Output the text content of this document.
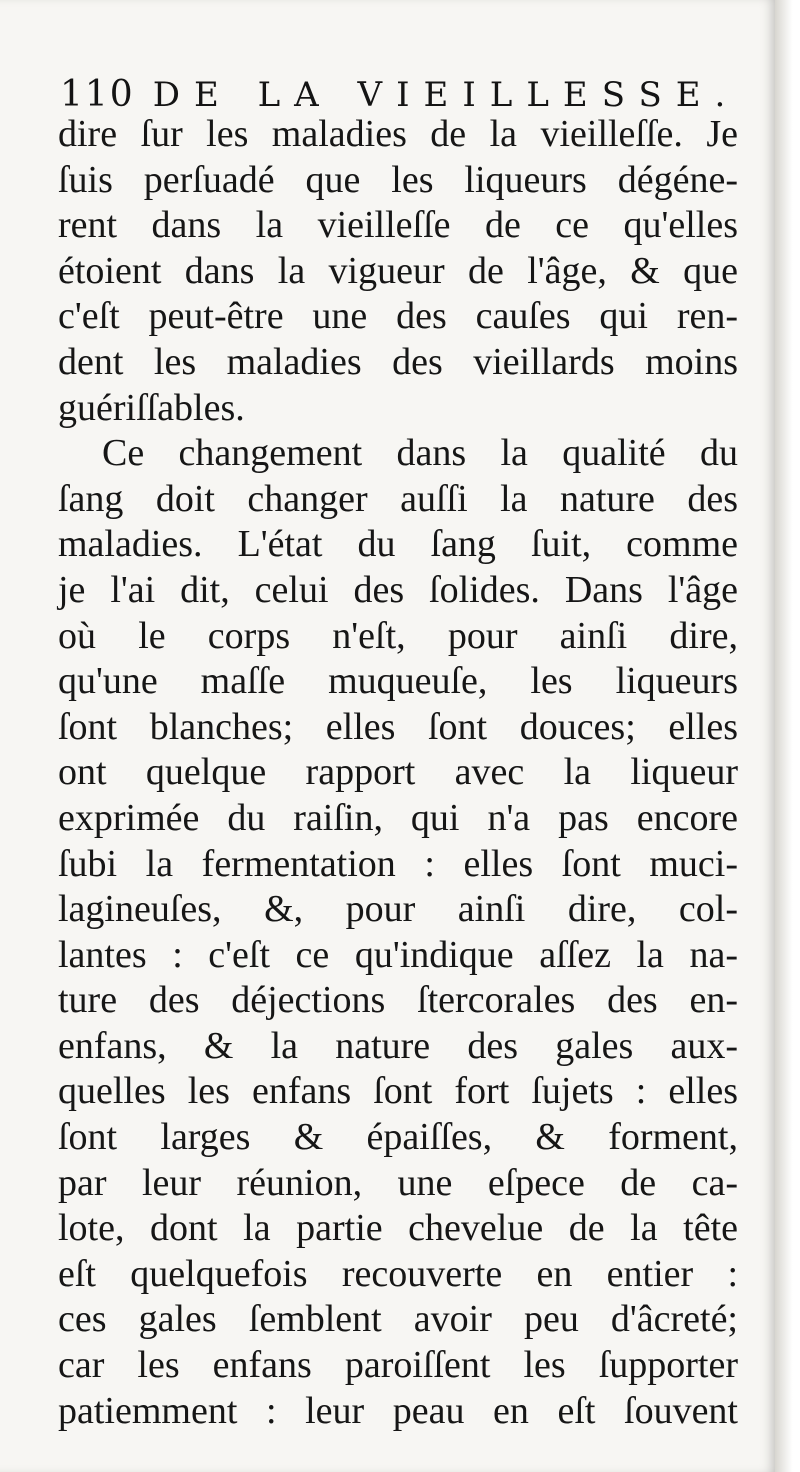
110 DE LA VIEILLESSE.
dire ſur les maladies de la vieilleſſe. Je
ſuis perſuadé que les liqueurs dégéne-
rent dans la vieilleſſe de ce qu'elles
étoient dans la vigueur de l'âge, & que
c'eſt peut-être une des cauſes qui ren-
dent les maladies des vieillards moins
guériſſables.
Ce changement dans la qualité du
ſang doit changer auſſi la nature des
maladies. L'état du ſang ſuit, comme
je l'ai dit, celui des ſolides. Dans l'âge
où le corps n'eſt, pour ainſi dire,
qu'une maſſe muqueuſe, les liqueurs
ſont blanches; elles ſont douces; elles
ont quelque rapport avec la liqueur
exprimée du raiſin, qui n'a pas encore
ſubi la fermentation : elles ſont muci-
lagineuſes, &, pour ainſi dire, col-
lantes : c'eſt ce qu'indique aſſez la na-
ture des déjections ſtercorales des en-
enfans, & la nature des gales aux-
quelles les enfans ſont fort ſujets : elles
ſont larges & épaiſſes, & forment,
par leur réunion, une eſpece de ca-
lote, dont la partie chevelue de la tête
eſt quelquefois recouverte en entier :
ces gales ſemblent avoir peu d'âcreté;
car les enfans paroiſſent les ſupporter
patiemment : leur peau en eſt ſouvent
